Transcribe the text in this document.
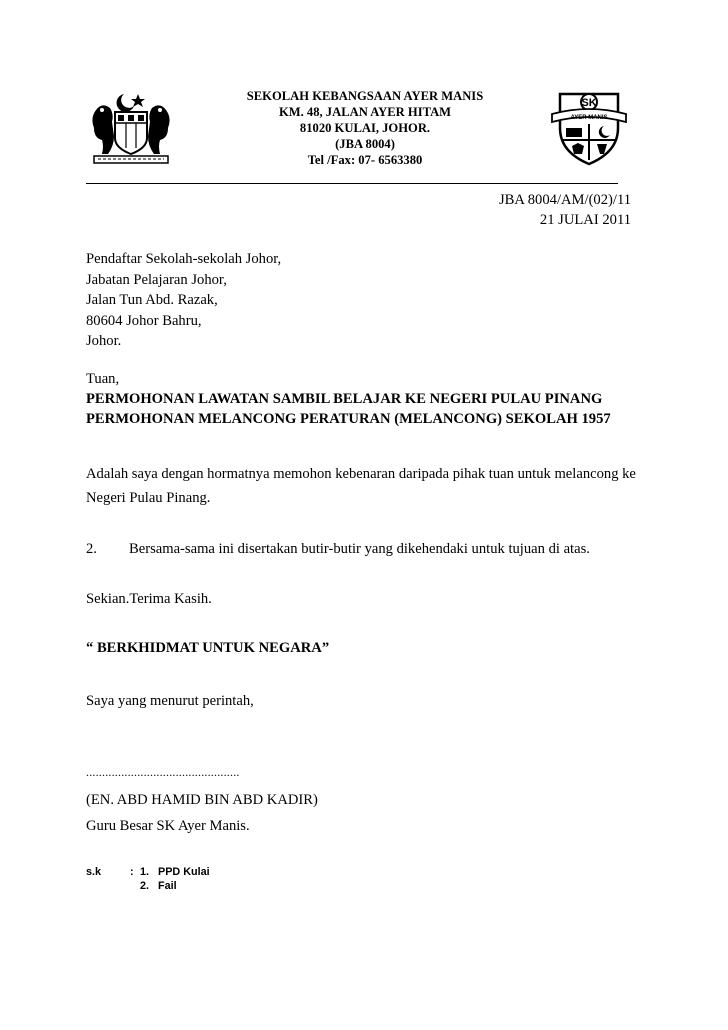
SEKOLAH KEBANGSAAN AYER MANIS
KM. 48, JALAN AYER HITAM
81020 KULAI, JOHOR.
(JBA 8004)
Tel /Fax: 07- 6563380
SK
AYER MANIS
JBA 8004/AM/(02)/11
21 JULAI 2011
Pendaftar Sekolah-sekolah Johor,
Jabatan Pelajaran Johor,
Jalan Tun Abd. Razak,
80604 Johor Bahru,
Johor.
Tuan,
PERMOHONAN LAWATAN SAMBIL BELAJAR KE NEGERI PULAU PINANG
PERMOHONAN MELANCONG PERATURAN (MELANCONG) SEKOLAH 1957
Adalah saya dengan hormatnya memohon kebenaran daripada pihak tuan untuk melancong ke
Negeri Pulau Pinang.
2. Bersama-sama ini disertakan butir-butir yang dikehendaki untuk tujuan di atas.
Sekian.Terima Kasih.
“ BERKHIDMAT UNTUK NEGARA”
Saya yang menurut perintah,
................................................
(EN. ABD HAMID BIN ABD KADIR)
Guru Besar SK Ayer Manis.
s.k	: 1. PPD Kulai
2. Fail
